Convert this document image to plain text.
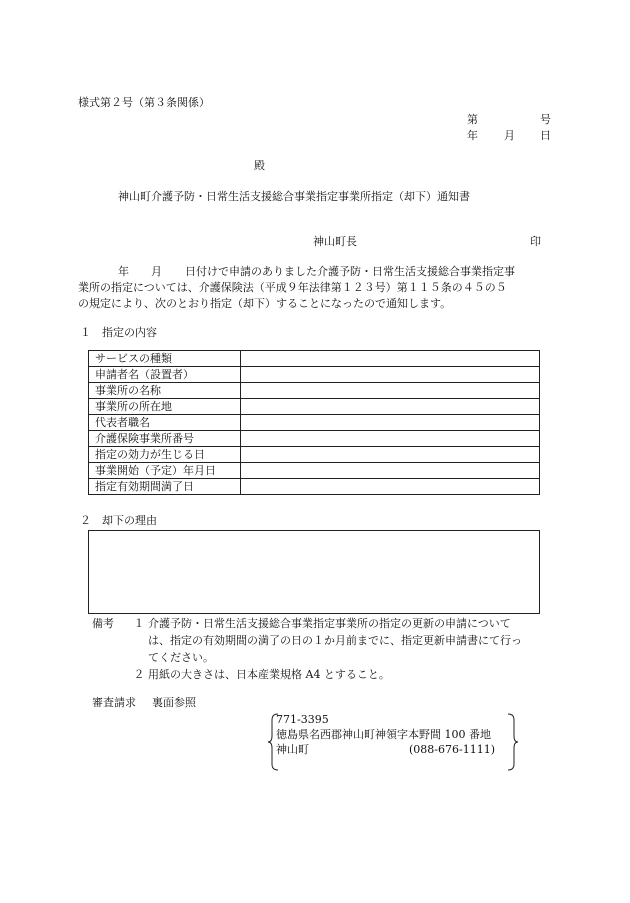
様式第２号（第３条関係）
第	号
年 月 日
殿
神山町介護予防・日常生活支援総合事業指定事業所指定（却下）通知書
神山町長	印
年 月 日付けで申請のありました介護予防・日常生活支援総合事業指定事
業所の指定については、介護保険法（平成９年法律第１２３号）第１１５条の４５の５
の規定により、次のとおり指定（却下）することになったので通知します。
１　指定の内容
サービスの種類	
申請者名（設置者）	
事業所の名称	
事業所の所在地	
代表者職名	
介護保険事業所番号	
指定の効力が生じる日	
事業開始（予定）年月日	
指定有効期間満了日	
２　却下の理由
備考	１ 介護予防・日常生活支援総合事業指定事業所の指定の更新の申請について
は、指定の有効期間の満了の日の１か月前までに、指定更新申請書にて行っ
てください。
２ 用紙の大きさは、日本産業規格 A4 とすること。
審査請求 裏面参照
771-3395
徳島県名西郡神山町神領字本野間 100 番地
神山町	(088-676-1111)
